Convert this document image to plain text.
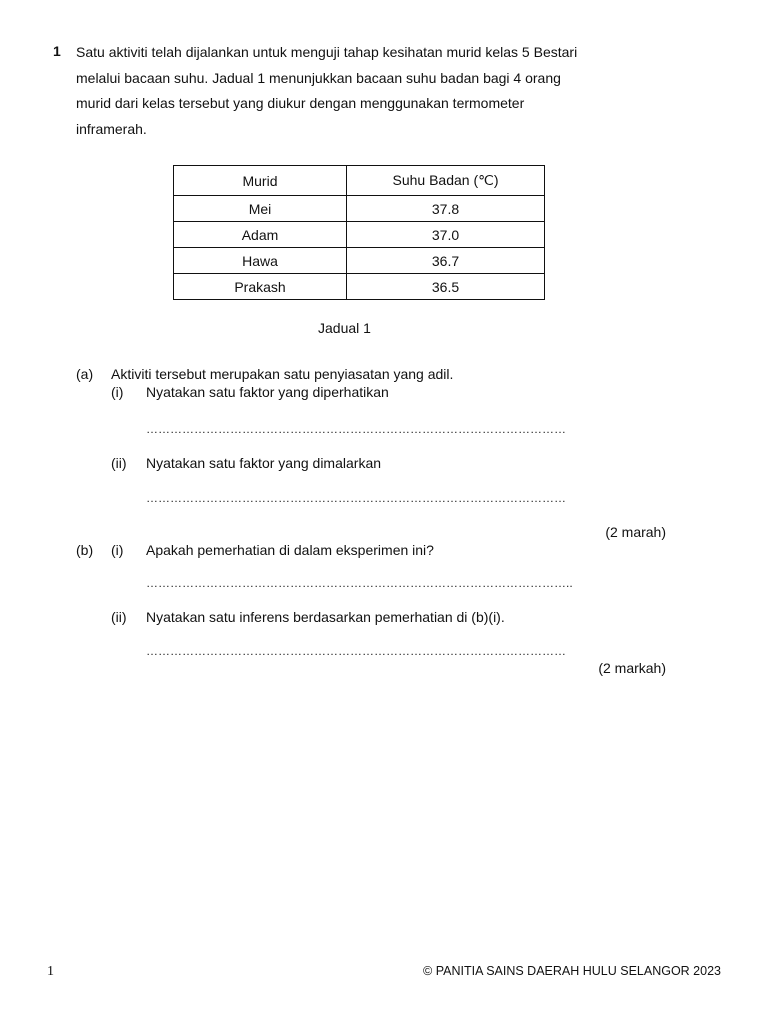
1 Satu aktiviti telah dijalankan untuk menguji tahap kesihatan murid kelas 5 Bestari
melalui bacaan suhu. Jadual 1 menunjukkan bacaan suhu badan bagi 4 orang
murid dari kelas tersebut yang diukur dengan menggunakan termometer
inframerah.
Murid	Suhu Badan (℃)
Mei	37.8
Adam	37.0
Hawa	36.7
Prakash	36.5
Jadual 1
(a) Aktiviti tersebut merupakan satu penyiasatan yang adil.
(i) Nyatakan satu faktor yang diperhatikan
……………………………………………………………………………………………
(ii) Nyatakan satu faktor yang dimalarkan
……………………………………………………………………………………………
(2 marah)
(b) (i) Apakah pemerhatian di dalam eksperimen ini?
……………………………………………………………………………………………..
(ii) Nyatakan satu inferens berdasarkan pemerhatian di (b)(i).
……………………………………………………………………………………………
(2 markah)
1	© PANITIA SAINS DAERAH HULU SELANGOR 2023
